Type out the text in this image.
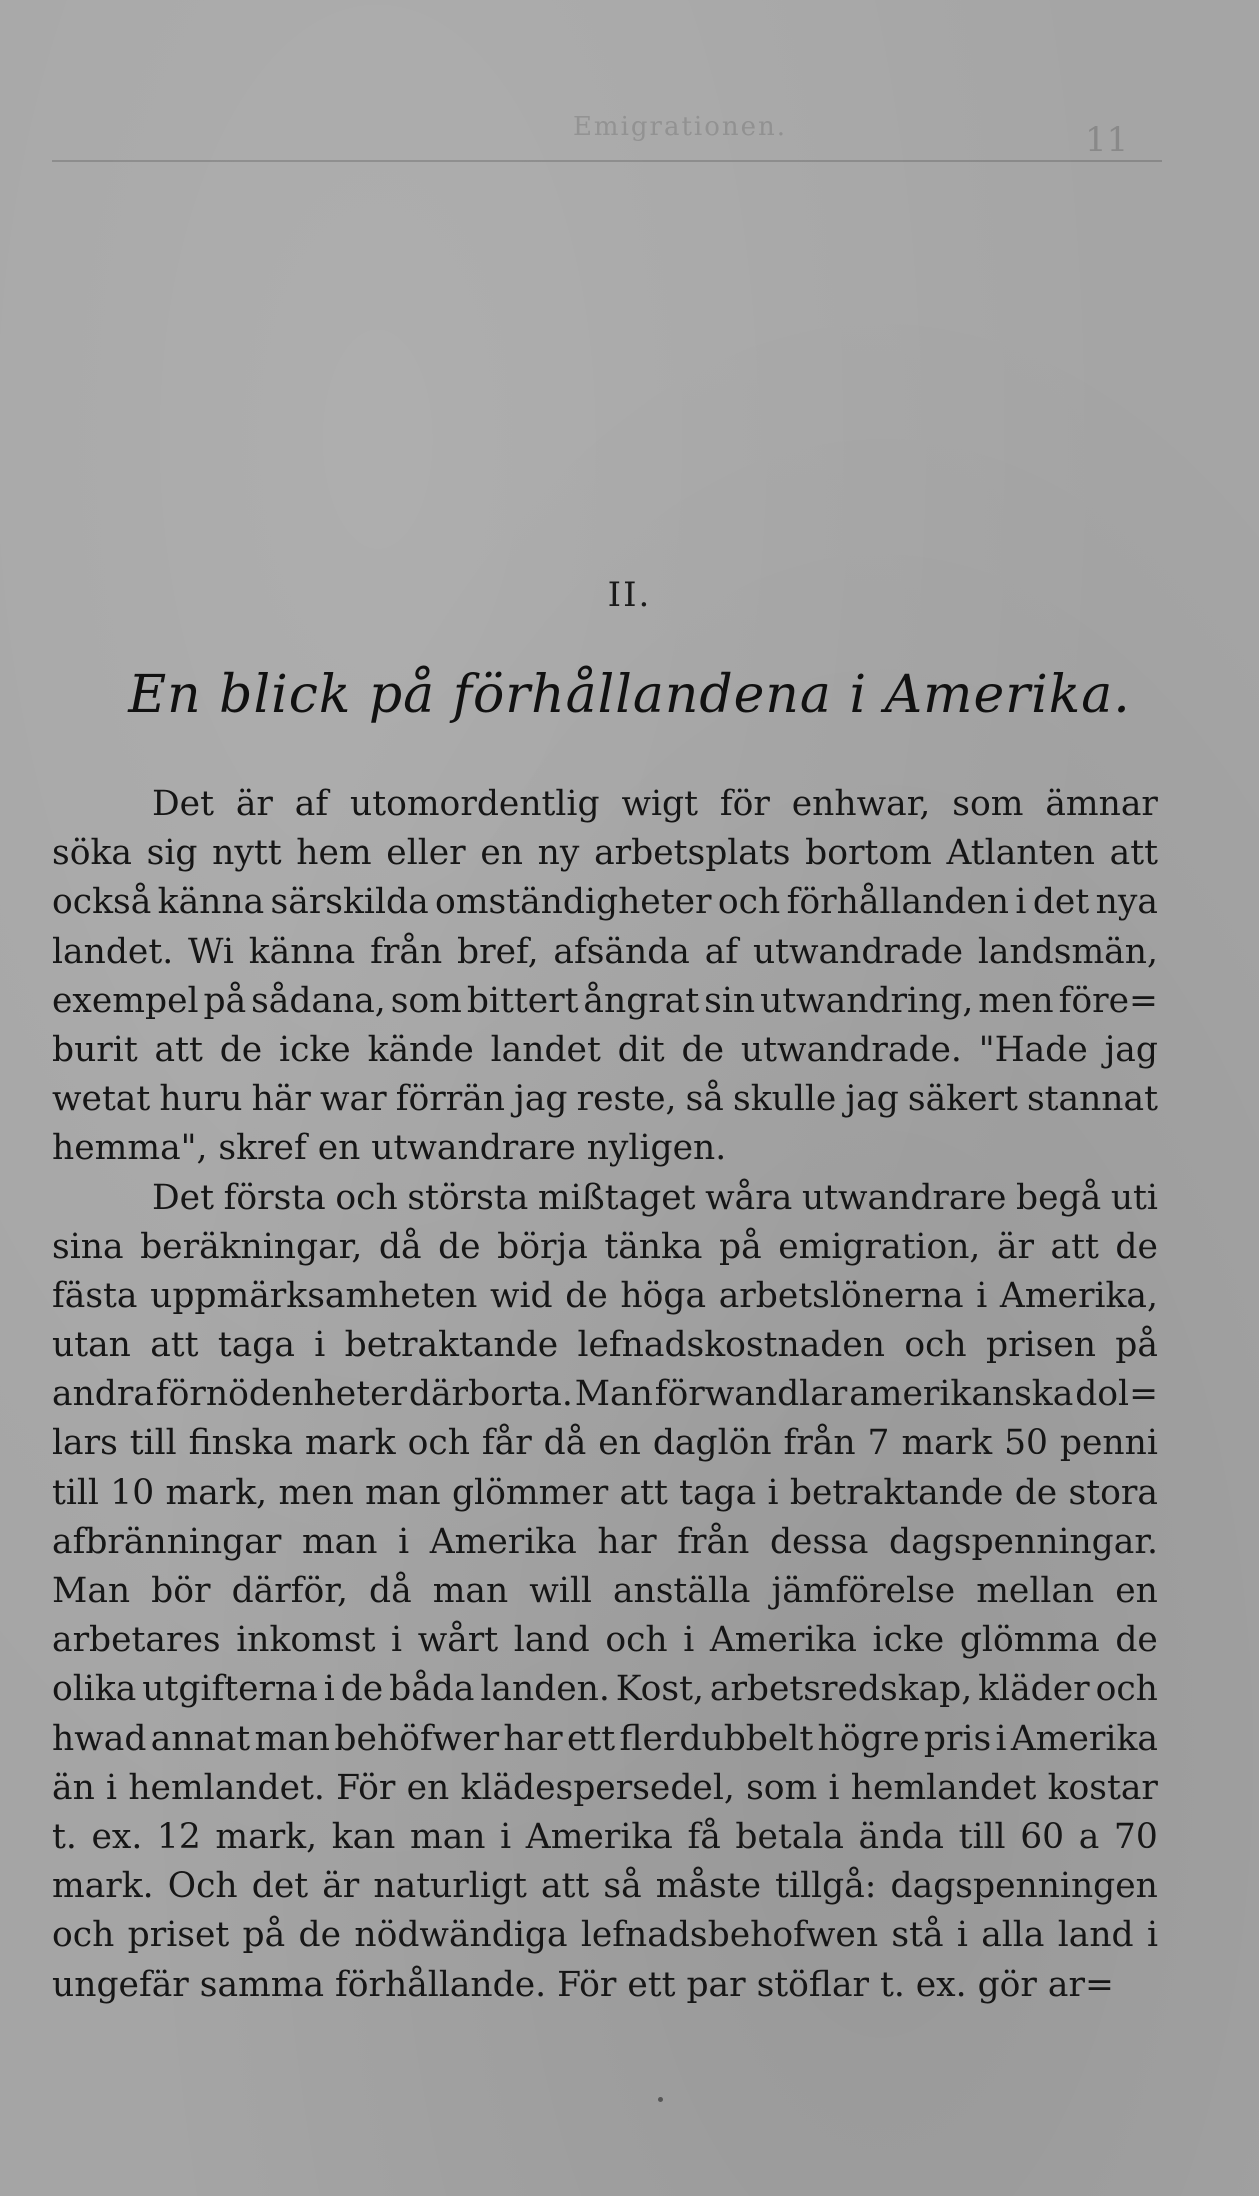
Emigrationen.	11
II.
En blick på förhållandena i Amerika.
Det är af utomordentlig wigt för enhwar, som ämnar
söka sig nytt hem eller en ny arbetsplats bortom Atlanten att
också känna särskilda omständigheter och förhållanden i det nya
landet. Wi känna från bref, afsända af utwandrade landsmän,
exempel på sådana, som bittert ångrat sin utwandring, men före=
burit att de icke kände landet dit de utwandrade. "Hade jag
wetat huru här war förrän jag reste, så skulle jag säkert stannat
hemma", skref en utwandrare nyligen.
Det första och största mißtaget wåra utwandrare begå uti
sina beräkningar, då de börja tänka på emigration, är att de
fästa uppmärksamheten wid de höga arbetslönerna i Amerika,
utan att taga i betraktande lefnadskostnaden och prisen på
andra förnödenheter därborta. Man förwandlar amerikanska dol=
lars till finska mark och får då en daglön från 7 mark 50 penni
till 10 mark, men man glömmer att taga i betraktande de stora
afbränningar man i Amerika har från dessa dagspenningar.
Man bör därför, då man will anställa jämförelse mellan en
arbetares inkomst i wårt land och i Amerika icke glömma de
olika utgifterna i de båda landen. Kost, arbetsredskap, kläder och
hwad annat man behöfwer har ett flerdubbelt högre pris i Amerika
än i hemlandet. För en klädespersedel, som i hemlandet kostar
t. ex. 12 mark, kan man i Amerika få betala ända till 60 a 70
mark. Och det är naturligt att så måste tillgå: dagspenningen
och priset på de nödwändiga lefnadsbehofwen stå i alla land i
ungefär samma förhållande. För ett par stöflar t. ex. gör ar=
